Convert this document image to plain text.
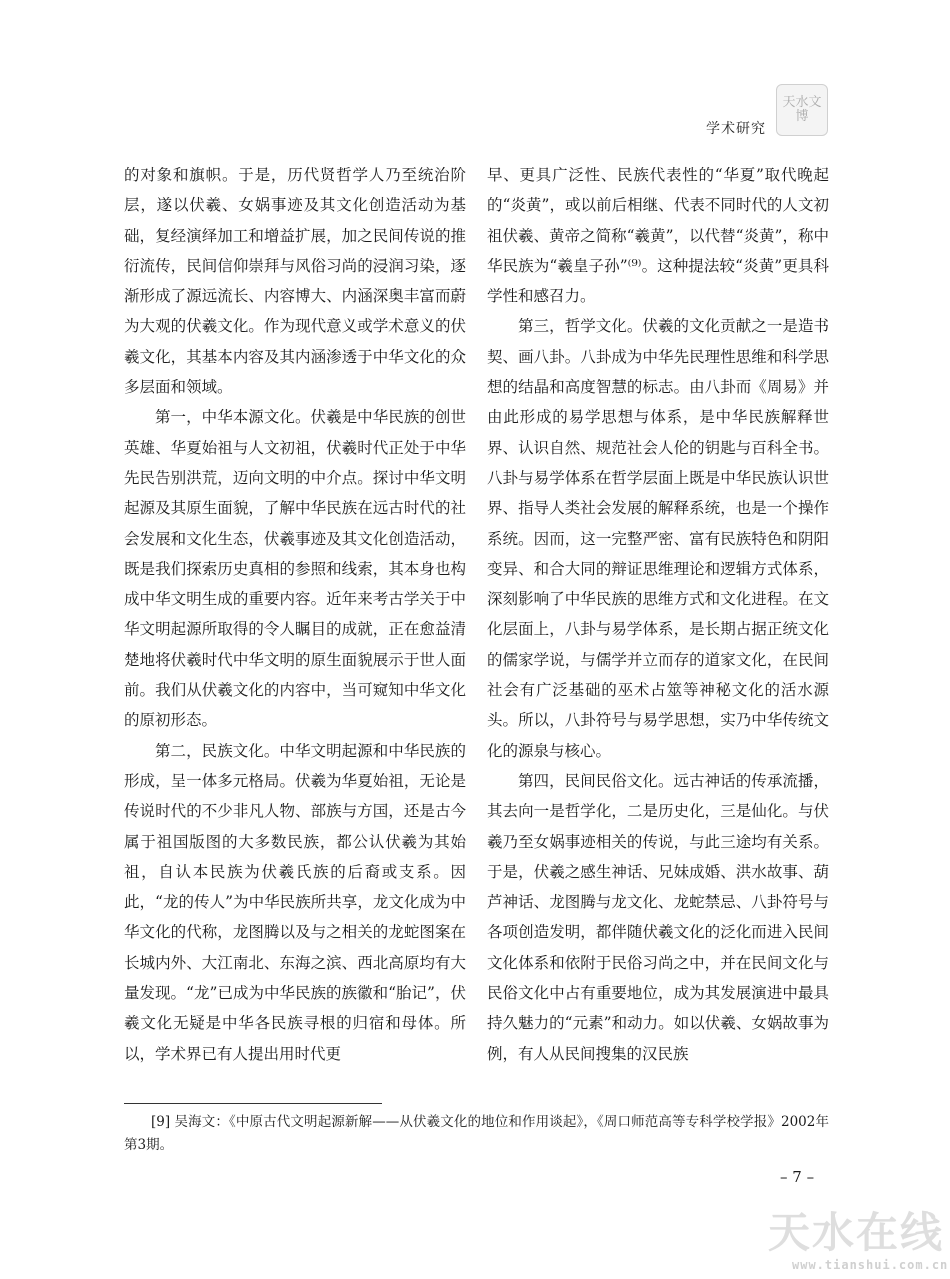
学术研究
天水文博

的对象和旗帜。于是，历代贤哲学人乃至统治阶层，遂以伏羲、女娲事迹及其文化创造活动为基础，复经演绎加工和增益扩展，加之民间传说的推衍流传，民间信仰崇拜与风俗习尚的浸润习染，逐渐形成了源远流长、内容博大、内涵深奥丰富而蔚为大观的伏羲文化。作为现代意义或学术意义的伏羲文化，其基本内容及其内涵渗透于中华文化的众多层面和领域。

第一，中华本源文化。伏羲是中华民族的创世英雄、华夏始祖与人文初祖，伏羲时代正处于中华先民告别洪荒，迈向文明的中介点。探讨中华文明起源及其原生面貌，了解中华民族在远古时代的社会发展和文化生态，伏羲事迹及其文化创造活动，既是我们探索历史真相的参照和线索，其本身也构成中华文明生成的重要内容。近年来考古学关于中华文明起源所取得的令人瞩目的成就，正在愈益清楚地将伏羲时代中华文明的原生面貌展示于世人面前。我们从伏羲文化的内容中，当可窥知中华文化的原初形态。

第二，民族文化。中华文明起源和中华民族的形成，呈一体多元格局。伏羲为华夏始祖，无论是传说时代的不少非凡人物、部族与方国，还是古今属于祖国版图的大多数民族，都公认伏羲为其始祖，自认本民族为伏羲氏族的后裔或支系。因此，“龙的传人”为中华民族所共享，龙文化成为中华文化的代称，龙图腾以及与之相关的龙蛇图案在长城内外、大江南北、东海之滨、西北高原均有大量发现。“龙”已成为中华民族的族徽和“胎记”，伏羲文化无疑是中华各民族寻根的归宿和母体。所以，学术界已有人提出用时代更

早、更具广泛性、民族代表性的“华夏”取代晚起的“炎黄”，或以前后相继、代表不同时代的人文初祖伏羲、黄帝之简称“羲黄”，以代替“炎黄”，称中华民族为“羲皇子孙”⁽⁹⁾。这种提法较“炎黄”更具科学性和感召力。

第三，哲学文化。伏羲的文化贡献之一是造书契、画八卦。八卦成为中华先民理性思维和科学思想的结晶和高度智慧的标志。由八卦而《周易》并由此形成的易学思想与体系，是中华民族解释世界、认识自然、规范社会人伦的钥匙与百科全书。八卦与易学体系在哲学层面上既是中华民族认识世界、指导人类社会发展的解释系统，也是一个操作系统。因而，这一完整严密、富有民族特色和阴阳变异、和合大同的辩证思维理论和逻辑方式体系，深刻影响了中华民族的思维方式和文化进程。在文化层面上，八卦与易学体系，是长期占据正统文化的儒家学说，与儒学并立而存的道家文化，在民间社会有广泛基础的巫术占筮等神秘文化的活水源头。所以，八卦符号与易学思想，实乃中华传统文化的源泉与核心。

第四，民间民俗文化。远古神话的传承流播，其去向一是哲学化，二是历史化，三是仙化。与伏羲乃至女娲事迹相关的传说，与此三途均有关系。于是，伏羲之感生神话、兄妹成婚、洪水故事、葫芦神话、龙图腾与龙文化、龙蛇禁忌、八卦符号与各项创造发明，都伴随伏羲文化的泛化而进入民间文化体系和依附于民俗习尚之中，并在民间文化与民俗文化中占有重要地位，成为其发展演进中最具持久魅力的“元素”和动力。如以伏羲、女娲故事为例，有人从民间搜集的汉民族

[9] 吴海文：《中原古代文明起源新解——从伏羲文化的地位和作用谈起》，《周口师范高等专科学校学报》2002年第3期。

– 7 –
天水在线
www.tianshui.com.cn
